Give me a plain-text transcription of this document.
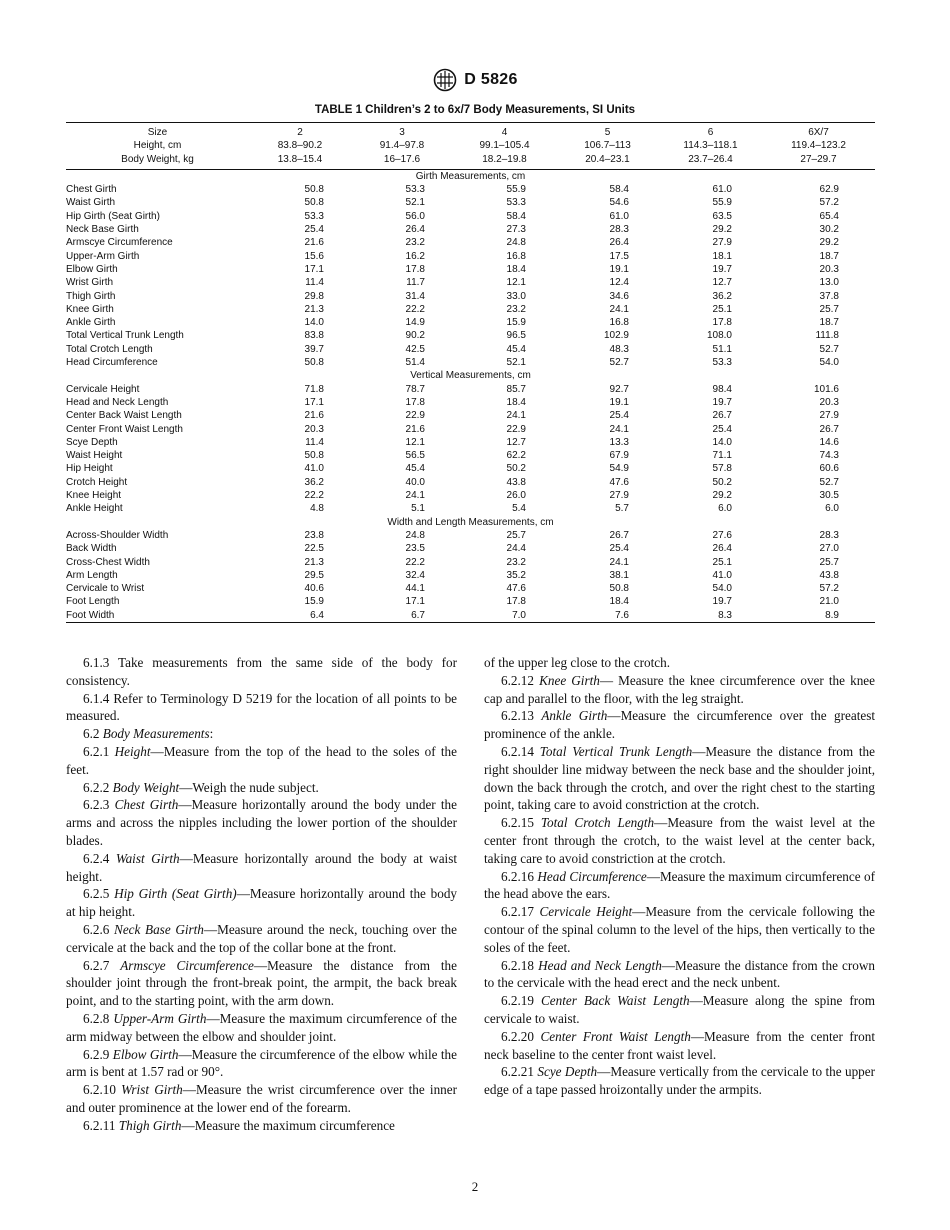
D 5826
TABLE 1 Children’s 2 to 6x/7 Body Measurements, SI Units
Size	2	3	4	5	6	6X/7
Height, cm	83.8–90.2	91.4–97.8	99.1–105.4	106.7–113	114.3–118.1	119.4–123.2
Body Weight, kg	13.8–15.4	16–17.6	18.2–19.8	20.4–23.1	23.7–26.4	27–29.7
Girth Measurements, cm						
Chest Girth	50.8	53.3	55.9	58.4	61.0	62.9
Waist Girth	50.8	52.1	53.3	54.6	55.9	57.2
Hip Girth (Seat Girth)	53.3	56.0	58.4	61.0	63.5	65.4
Neck Base Girth	25.4	26.4	27.3	28.3	29.2	30.2
Armscye Circumference	21.6	23.2	24.8	26.4	27.9	29.2
Upper-Arm Girth	15.6	16.2	16.8	17.5	18.1	18.7
Elbow Girth	17.1	17.8	18.4	19.1	19.7	20.3
Wrist Girth	11.4	11.7	12.1	12.4	12.7	13.0
Thigh Girth	29.8	31.4	33.0	34.6	36.2	37.8
Knee Girth	21.3	22.2	23.2	24.1	25.1	25.7
Ankle Girth	14.0	14.9	15.9	16.8	17.8	18.7
Total Vertical Trunk Length	83.8	90.2	96.5	102.9	108.0	111.8
Total Crotch Length	39.7	42.5	45.4	48.3	51.1	52.7
Head Circumference	50.8	51.4	52.1	52.7	53.3	54.0
Vertical Measurements, cm						
Cervicale Height	71.8	78.7	85.7	92.7	98.4	101.6
Head and Neck Length	17.1	17.8	18.4	19.1	19.7	20.3
Center Back Waist Length	21.6	22.9	24.1	25.4	26.7	27.9
Center Front Waist Length	20.3	21.6	22.9	24.1	25.4	26.7
Scye Depth	11.4	12.1	12.7	13.3	14.0	14.6
Waist Height	50.8	56.5	62.2	67.9	71.1	74.3
Hip Height	41.0	45.4	50.2	54.9	57.8	60.6
Crotch Height	36.2	40.0	43.8	47.6	50.2	52.7
Knee Height	22.2	24.1	26.0	27.9	29.2	30.5
Ankle Height	4.8	5.1	5.4	5.7	6.0	6.0
Width and Length Measurements, cm						
Across-Shoulder Width	23.8	24.8	25.7	26.7	27.6	28.3
Back Width	22.5	23.5	24.4	25.4	26.4	27.0
Cross-Chest Width	21.3	22.2	23.2	24.1	25.1	25.7
Arm Length	29.5	32.4	35.2	38.1	41.0	43.8
Cervicale to Wrist	40.6	44.1	47.6	50.8	54.0	57.2
Foot Length	15.9	17.1	17.8	18.4	19.7	21.0
Foot Width	6.4	6.7	7.0	7.6	8.3	8.9

6.1.3 Take measurements from the same side of the body for consistency.

6.1.4 Refer to Terminology D 5219 for the location of all points to be measured.

6.2 Body Measurements:

6.2.1 Height—Measure from the top of the head to the soles of the feet.

6.2.2 Body Weight—Weigh the nude subject.

6.2.3 Chest Girth—Measure horizontally around the body under the arms and across the nipples including the lower portion of the shoulder blades.

6.2.4 Waist Girth—Measure horizontally around the body at waist height.

6.2.5 Hip Girth (Seat Girth)—Measure horizontally around the body at hip height.

6.2.6 Neck Base Girth—Measure around the neck, touching over the cervicale at the back and the top of the collar bone at the front.

6.2.7 Armscye Circumference—Measure the distance from the shoulder joint through the front-break point, the armpit, the back break point, and to the starting point, with the arm down.

6.2.8 Upper-Arm Girth—Measure the maximum circumference of the arm midway between the elbow and shoulder joint.

6.2.9 Elbow Girth—Measure the circumference of the elbow while the arm is bent at 1.57 rad or 90°.

6.2.10 Wrist Girth—Measure the wrist circumference over the inner and outer prominence at the lower end of the forearm.

6.2.11 Thigh Girth—Measure the maximum circumference

of the upper leg close to the crotch.

6.2.12 Knee Girth— Measure the knee circumference over the knee cap and parallel to the floor, with the leg straight.

6.2.13 Ankle Girth—Measure the circumference over the greatest prominence of the ankle.

6.2.14 Total Vertical Trunk Length—Measure the distance from the right shoulder line midway between the neck base and the shoulder joint, down the back through the crotch, and over the right chest to the starting point, taking care to avoid constriction at the crotch.

6.2.15 Total Crotch Length—Measure from the waist level at the center front through the crotch, to the waist level at the center back, taking care to avoid constriction at the crotch.

6.2.16 Head Circumference—Measure the maximum circumference of the head above the ears.

6.2.17 Cervicale Height—Measure from the cervicale following the contour of the spinal column to the level of the hips, then vertically to the soles of the feet.

6.2.18 Head and Neck Length—Measure the distance from the crown to the cervicale with the head erect and the neck unbent.

6.2.19 Center Back Waist Length—Measure along the spine from cervicale to waist.

6.2.20 Center Front Waist Length—Measure from the center front neck baseline to the center front waist level.

6.2.21 Scye Depth—Measure vertically from the cervicale to the upper edge of a tape passed hroizontally under the armpits.

2
